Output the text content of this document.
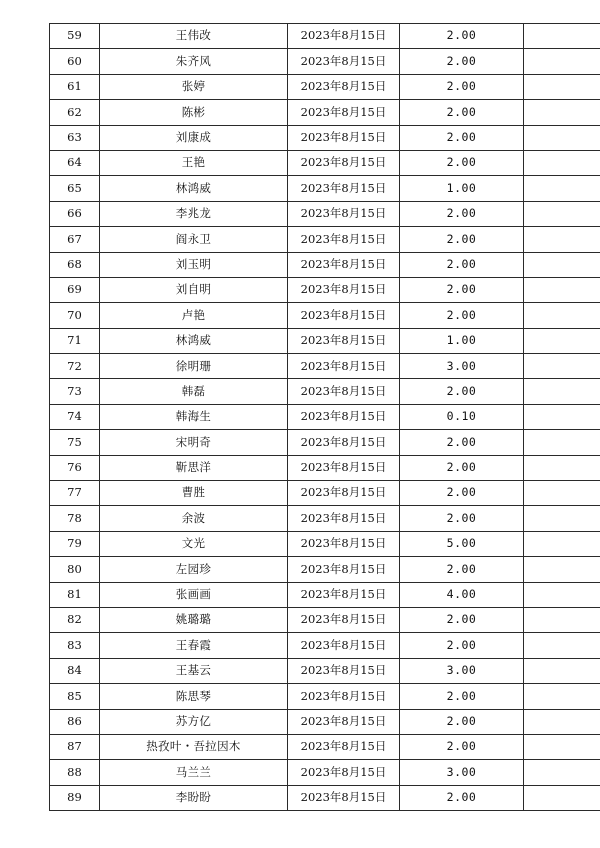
59	王伟改	2023年8月15日	2.00	
60	朱齐风	2023年8月15日	2.00	
61	张婷	2023年8月15日	2.00	
62	陈彬	2023年8月15日	2.00	
63	刘康成	2023年8月15日	2.00	
64	王艳	2023年8月15日	2.00	
65	林鸿威	2023年8月15日	1.00	
66	李兆龙	2023年8月15日	2.00	
67	阎永卫	2023年8月15日	2.00	
68	刘玉明	2023年8月15日	2.00	
69	刘自明	2023年8月15日	2.00	
70	卢艳	2023年8月15日	2.00	
71	林鸿威	2023年8月15日	1.00	
72	徐明珊	2023年8月15日	3.00	
73	韩磊	2023年8月15日	2.00	
74	韩海生	2023年8月15日	0.10	
75	宋明奇	2023年8月15日	2.00	
76	靳思洋	2023年8月15日	2.00	
77	曹胜	2023年8月15日	2.00	
78	余波	2023年8月15日	2.00	
79	文光	2023年8月15日	5.00	
80	左园珍	2023年8月15日	2.00	
81	张画画	2023年8月15日	4.00	
82	姚璐璐	2023年8月15日	2.00	
83	王春霞	2023年8月15日	2.00	
84	王基云	2023年8月15日	3.00	
85	陈思琴	2023年8月15日	2.00	
86	苏方亿	2023年8月15日	2.00	
87	热孜叶・吾拉因木	2023年8月15日	2.00	
88	马兰兰	2023年8月15日	3.00	
89	李盼盼	2023年8月15日	2.00	
